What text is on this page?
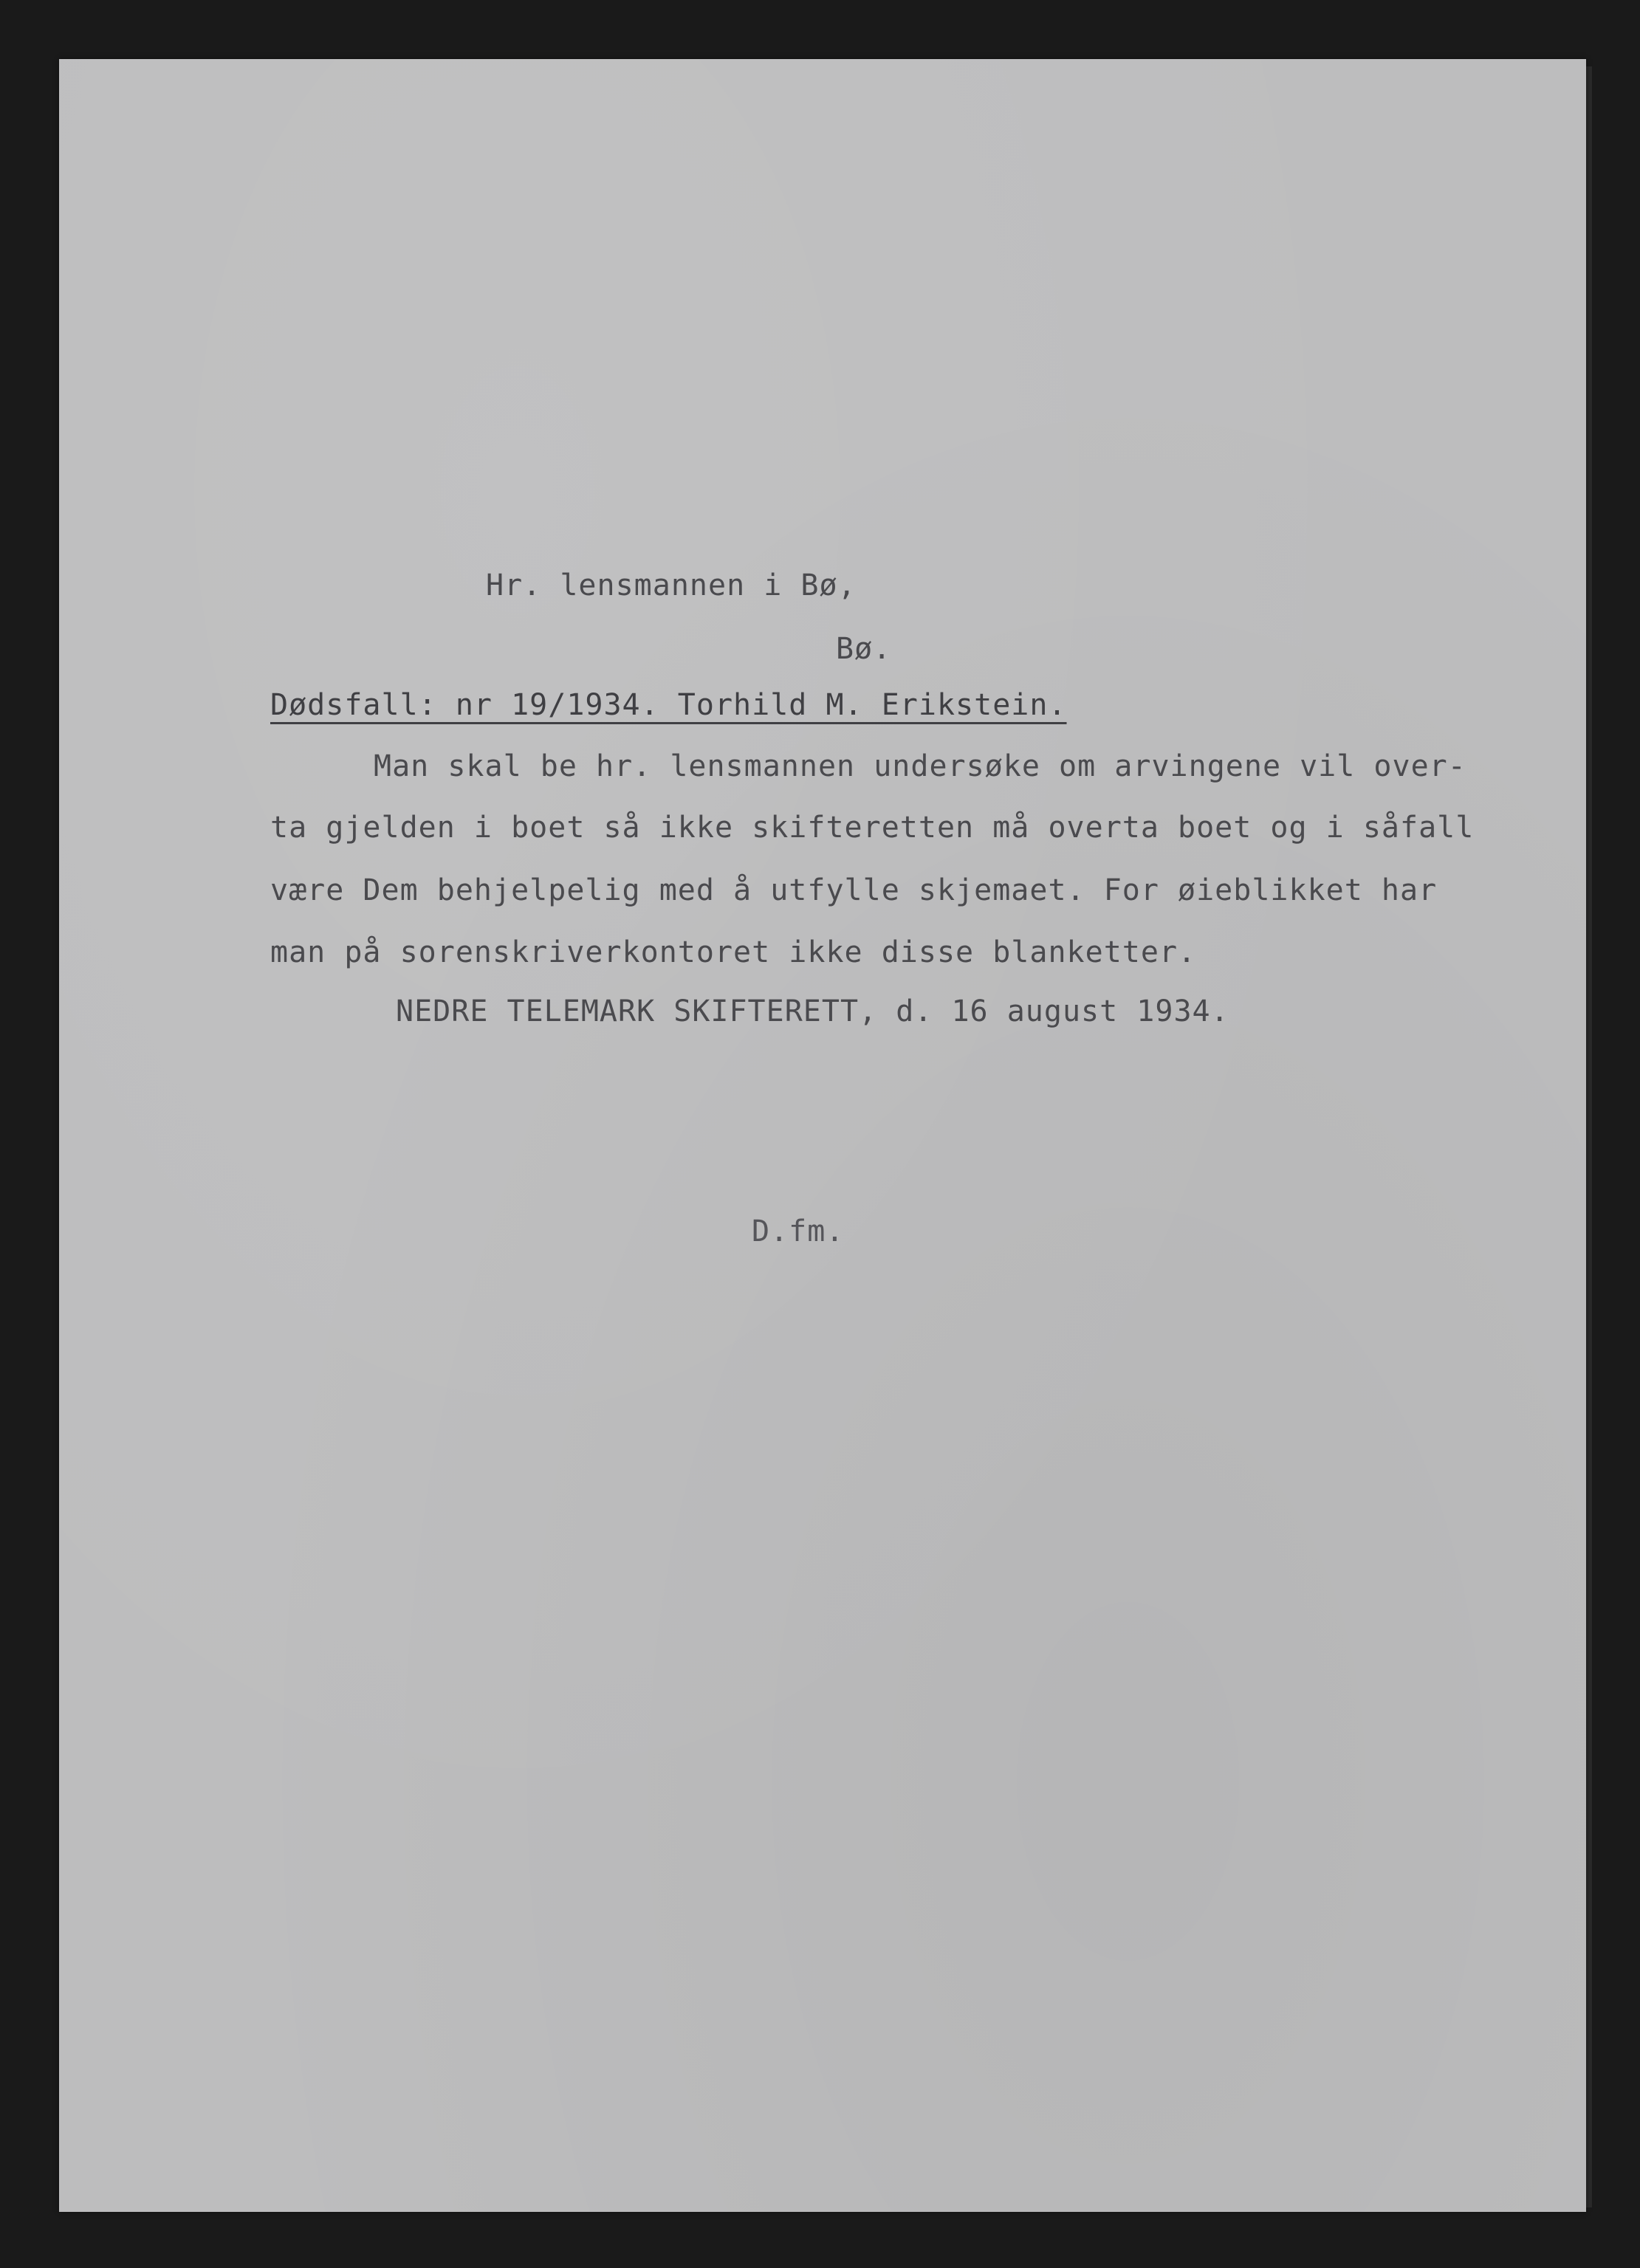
Hr. lensmannen i Bø,

Bø.

Dødsfall: nr 19/1934. Torhild M. Erikstein.

Man skal be hr. lensmannen undersøke om arvingene vil over-

ta gjelden i boet så ikke skifteretten må overta boet og i såfall

være Dem behjelpelig med å utfylle skjemaet. For øieblikket har

man på sorenskriverkontoret ikke disse blanketter.

NEDRE TELEMARK SKIFTERETT, d. 16 august 1934.

D.fm.
